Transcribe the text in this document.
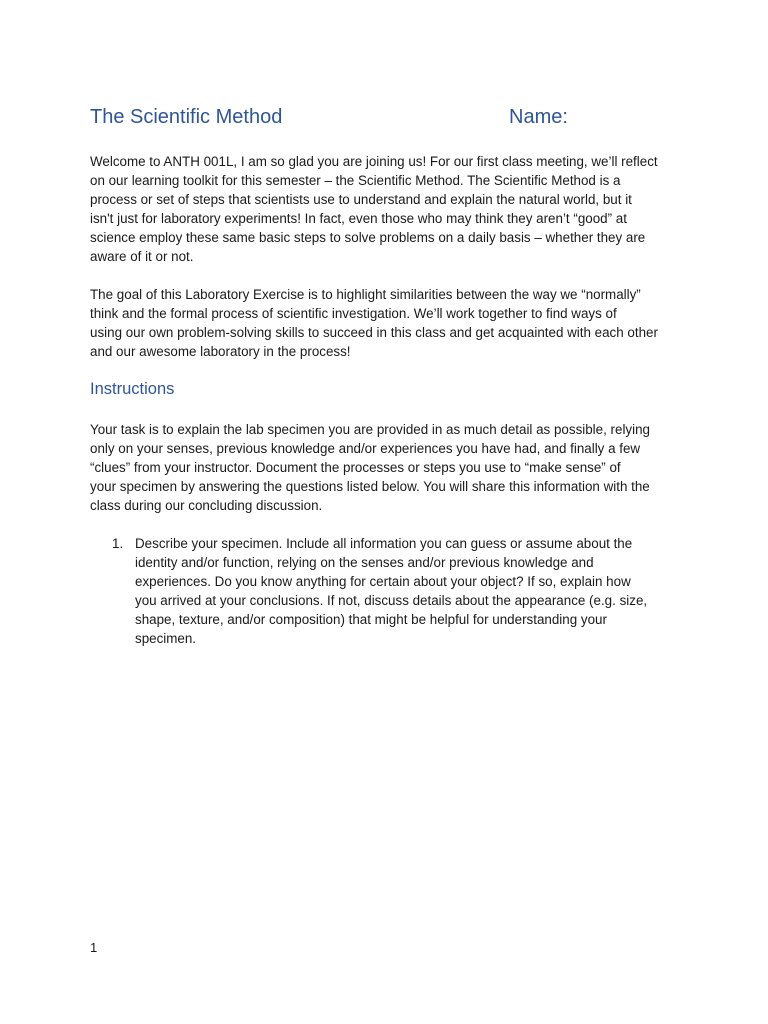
The Scientific Method	Name:
Welcome to ANTH 001L, I am so glad you are joining us! For our first class meeting, we’ll reflect
on our learning toolkit for this semester – the Scientific Method. The Scientific Method is a
process or set of steps that scientists use to understand and explain the natural world, but it
isn't just for laboratory experiments! In fact, even those who may think they aren’t “good” at
science employ these same basic steps to solve problems on a daily basis – whether they are
aware of it or not.
The goal of this Laboratory Exercise is to highlight similarities between the way we “normally”
think and the formal process of scientific investigation. We’ll work together to find ways of
using our own problem-solving skills to succeed in this class and get acquainted with each other
and our awesome laboratory in the process!
Instructions
Your task is to explain the lab specimen you are provided in as much detail as possible, relying
only on your senses, previous knowledge and/or experiences you have had, and finally a few
“clues” from your instructor. Document the processes or steps you use to “make sense” of
your specimen by answering the questions listed below. You will share this information with the
class during our concluding discussion.
1. Describe your specimen. Include all information you can guess or assume about the
identity and/or function, relying on the senses and/or previous knowledge and
experiences. Do you know anything for certain about your object? If so, explain how
you arrived at your conclusions. If not, discuss details about the appearance (e.g. size,
shape, texture, and/or composition) that might be helpful for understanding your
specimen.
1
